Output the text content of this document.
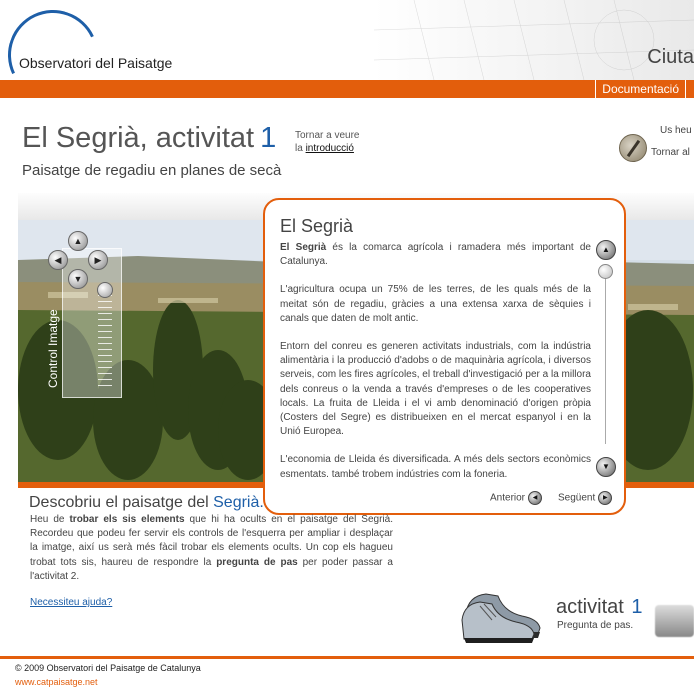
Observatori del Paisatge	Ciuta
Documentació
El Segrià, activitat 1
Paisatge de regadiu en planes de secà
Tornar a veure
la introducció
Us heu
Tornar al
▲
◀	▶
▼
Control Imatge
El Segrià

El Segrià és la comarca agrícola i ramadera més important de Catalunya.

L'agricultura ocupa un 75% de les terres, de les quals més de la meitat són de regadiu, gràcies a una extensa xarxa de sèquies i canals que daten de molt antic.

Entorn del conreu es generen activitats industrials, com la indústria alimentària i la producció d'adobs o de maquinària agrícola, i diversos serveis, com les fires agrícoles, el treball d'investigació per a la millora dels conreus o la venda a través d'empreses o de les cooperatives locals. La fruita de Lleida i el vi amb denominació d'origen pròpia (Costers del Segre) es distribueixen en el mercat espanyol i en la Unió Europea.

L'economia de Lleida és diversificada. A més dels sectors econòmics esmentats. també trobem indústries com la foneria.

▲
▼
Anterior ◀	Següent ▶
Descobriu el paisatge del Segrià.
Heu de trobar els sis elements que hi ha ocults en el paisatge del Segrià. Recordeu que podeu fer servir els controls de l'esquerra per ampliar i desplaçar la imatge, així us serà més fàcil trobar els elements ocults. Un cop els hagueu trobat tots sis, haureu de respondre la pregunta de pas per poder passar a l'activitat 2.
Necessiteu ajuda?	activitat 1
Pregunta de pas.
© 2009 Observatori del Paisatge de Catalunya
www.catpaisatge.net
